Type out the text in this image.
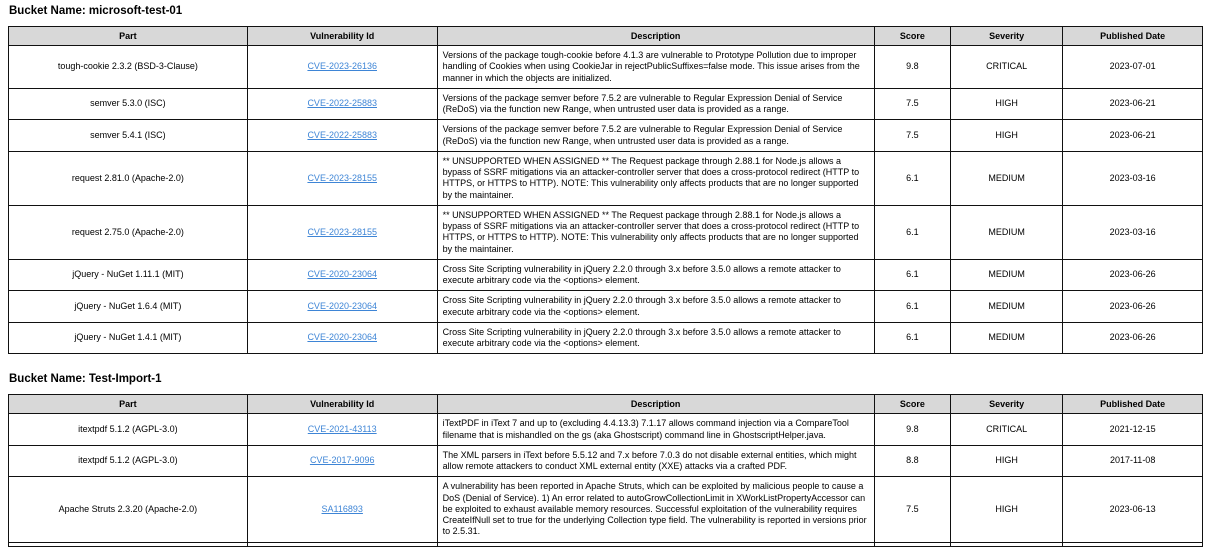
Bucket Name: microsoft-test-01
Part	Vulnerability Id	Description	Score	Severity	Published Date
tough-cookie 2.3.2 (BSD-3-Clause)	CVE-2023-26136	Versions of the package tough-cookie before 4.1.3 are vulnerable to Prototype Pollution due to improper handling of Cookies when using CookieJar in rejectPublicSuffixes=false mode. This issue arises from the manner in which the objects are initialized.	9.8	CRITICAL	2023-07-01
semver 5.3.0 (ISC)	CVE-2022-25883	Versions of the package semver before 7.5.2 are vulnerable to Regular Expression Denial of Service (ReDoS) via the function new Range, when untrusted user data is provided as a range.	7.5	HIGH	2023-06-21
semver 5.4.1 (ISC)	CVE-2022-25883	Versions of the package semver before 7.5.2 are vulnerable to Regular Expression Denial of Service (ReDoS) via the function new Range, when untrusted user data is provided as a range.	7.5	HIGH	2023-06-21
request 2.81.0 (Apache-2.0)	CVE-2023-28155	** UNSUPPORTED WHEN ASSIGNED ** The Request package through 2.88.1 for Node.js allows a bypass of SSRF mitigations via an attacker-controller server that does a cross-protocol redirect (HTTP to HTTPS, or HTTPS to HTTP). NOTE: This vulnerability only affects products that are no longer supported by the maintainer.	6.1	MEDIUM	2023-03-16
request 2.75.0 (Apache-2.0)	CVE-2023-28155	** UNSUPPORTED WHEN ASSIGNED ** The Request package through 2.88.1 for Node.js allows a bypass of SSRF mitigations via an attacker-controller server that does a cross-protocol redirect (HTTP to HTTPS, or HTTPS to HTTP). NOTE: This vulnerability only affects products that are no longer supported by the maintainer.	6.1	MEDIUM	2023-03-16
jQuery - NuGet 1.11.1 (MIT)	CVE-2020-23064	Cross Site Scripting vulnerability in jQuery 2.2.0 through 3.x before 3.5.0 allows a remote attacker to execute arbitrary code via the <options> element.	6.1	MEDIUM	2023-06-26
jQuery - NuGet 1.6.4 (MIT)	CVE-2020-23064	Cross Site Scripting vulnerability in jQuery 2.2.0 through 3.x before 3.5.0 allows a remote attacker to execute arbitrary code via the <options> element.	6.1	MEDIUM	2023-06-26
jQuery - NuGet 1.4.1 (MIT)	CVE-2020-23064	Cross Site Scripting vulnerability in jQuery 2.2.0 through 3.x before 3.5.0 allows a remote attacker to execute arbitrary code via the <options> element.	6.1	MEDIUM	2023-06-26
Bucket Name: Test-Import-1
Part	Vulnerability Id	Description	Score	Severity	Published Date
itextpdf 5.1.2 (AGPL-3.0)	CVE-2021-43113	iTextPDF in iText 7 and up to (excluding 4.4.13.3) 7.1.17 allows command injection via a CompareTool filename that is mishandled on the gs (aka Ghostscript) command line in GhostscriptHelper.java.	9.8	CRITICAL	2021-12-15
itextpdf 5.1.2 (AGPL-3.0)	CVE-2017-9096	The XML parsers in iText before 5.5.12 and 7.x before 7.0.3 do not disable external entities, which might allow remote attackers to conduct XML external entity (XXE) attacks via a crafted PDF.	8.8	HIGH	2017-11-08
Apache Struts 2.3.20 (Apache-2.0)	SA116893	A vulnerability has been reported in Apache Struts, which can be exploited by malicious people to cause a DoS (Denial of Service). 1) An error related to autoGrowCollectionLimit in XWorkListPropertyAccessor can be exploited to exhaust available memory resources. Successful exploitation of the vulnerability requires CreateIfNull set to true for the underlying Collection type field. The vulnerability is reported in versions prior to 2.5.31.	7.5	HIGH	2023-06-13
